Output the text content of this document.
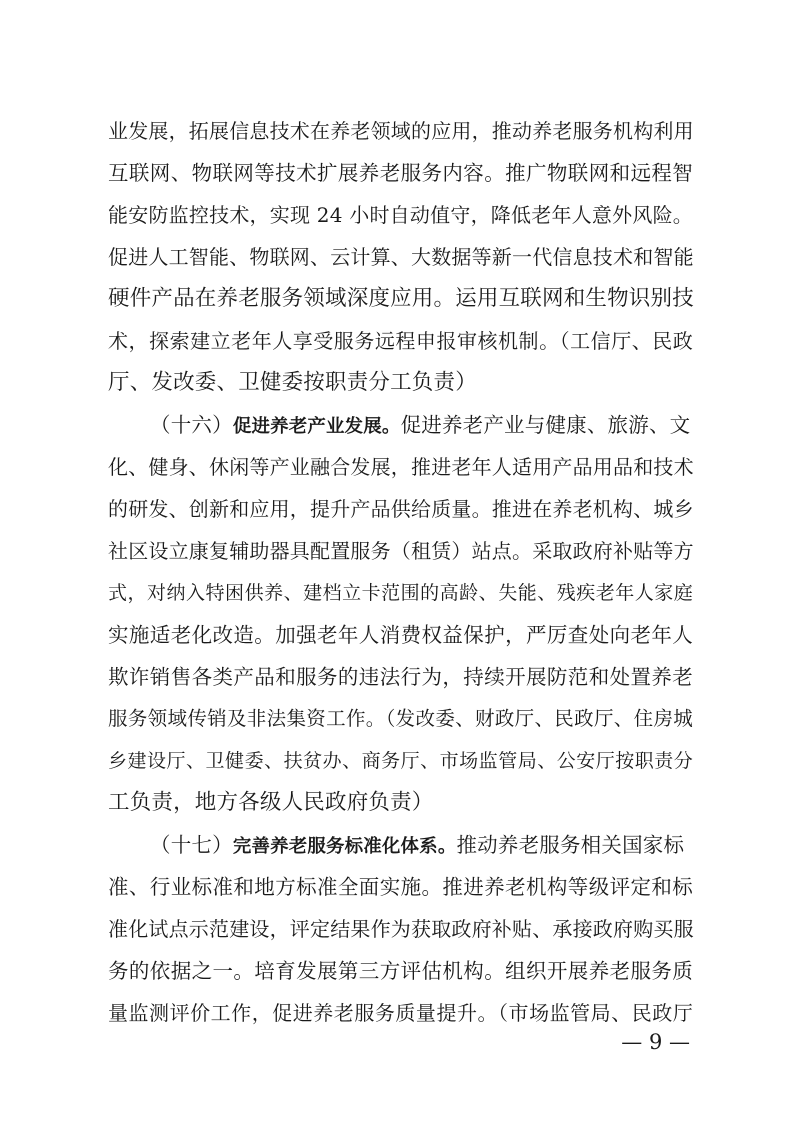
业发展，拓展信息技术在养老领域的应用，推动养老服务机构利用
互联网、物联网等技术扩展养老服务内容。推广物联网和远程智
能安防监控技术，实现 24 小时自动值守，降低老年人意外风险。
促进人工智能、物联网、云计算、大数据等新一代信息技术和智能
硬件产品在养老服务领域深度应用。运用互联网和生物识别技
术，探索建立老年人享受服务远程申报审核机制。（工信厅、民政
厅、发改委、卫健委按职责分工负责）
（十六）促进养老产业发展。促进养老产业与健康、旅游、文
化、健身、休闲等产业融合发展，推进老年人适用产品用品和技术
的研发、创新和应用，提升产品供给质量。推进在养老机构、城乡
社区设立康复辅助器具配置服务（租赁）站点。采取政府补贴等方
式，对纳入特困供养、建档立卡范围的高龄、失能、残疾老年人家庭
实施适老化改造。加强老年人消费权益保护，严厉查处向老年人
欺诈销售各类产品和服务的违法行为，持续开展防范和处置养老
服务领域传销及非法集资工作。（发改委、财政厅、民政厅、住房城
乡建设厅、卫健委、扶贫办、商务厅、市场监管局、公安厅按职责分
工负责，地方各级人民政府负责）
（十七）完善养老服务标准化体系。推动养老服务相关国家标
准、行业标准和地方标准全面实施。推进养老机构等级评定和标
准化试点示范建设，评定结果作为获取政府补贴、承接政府购买服
务的依据之一。培育发展第三方评估机构。组织开展养老服务质
量监测评价工作，促进养老服务质量提升。（市场监管局、民政厅
— 9 —
